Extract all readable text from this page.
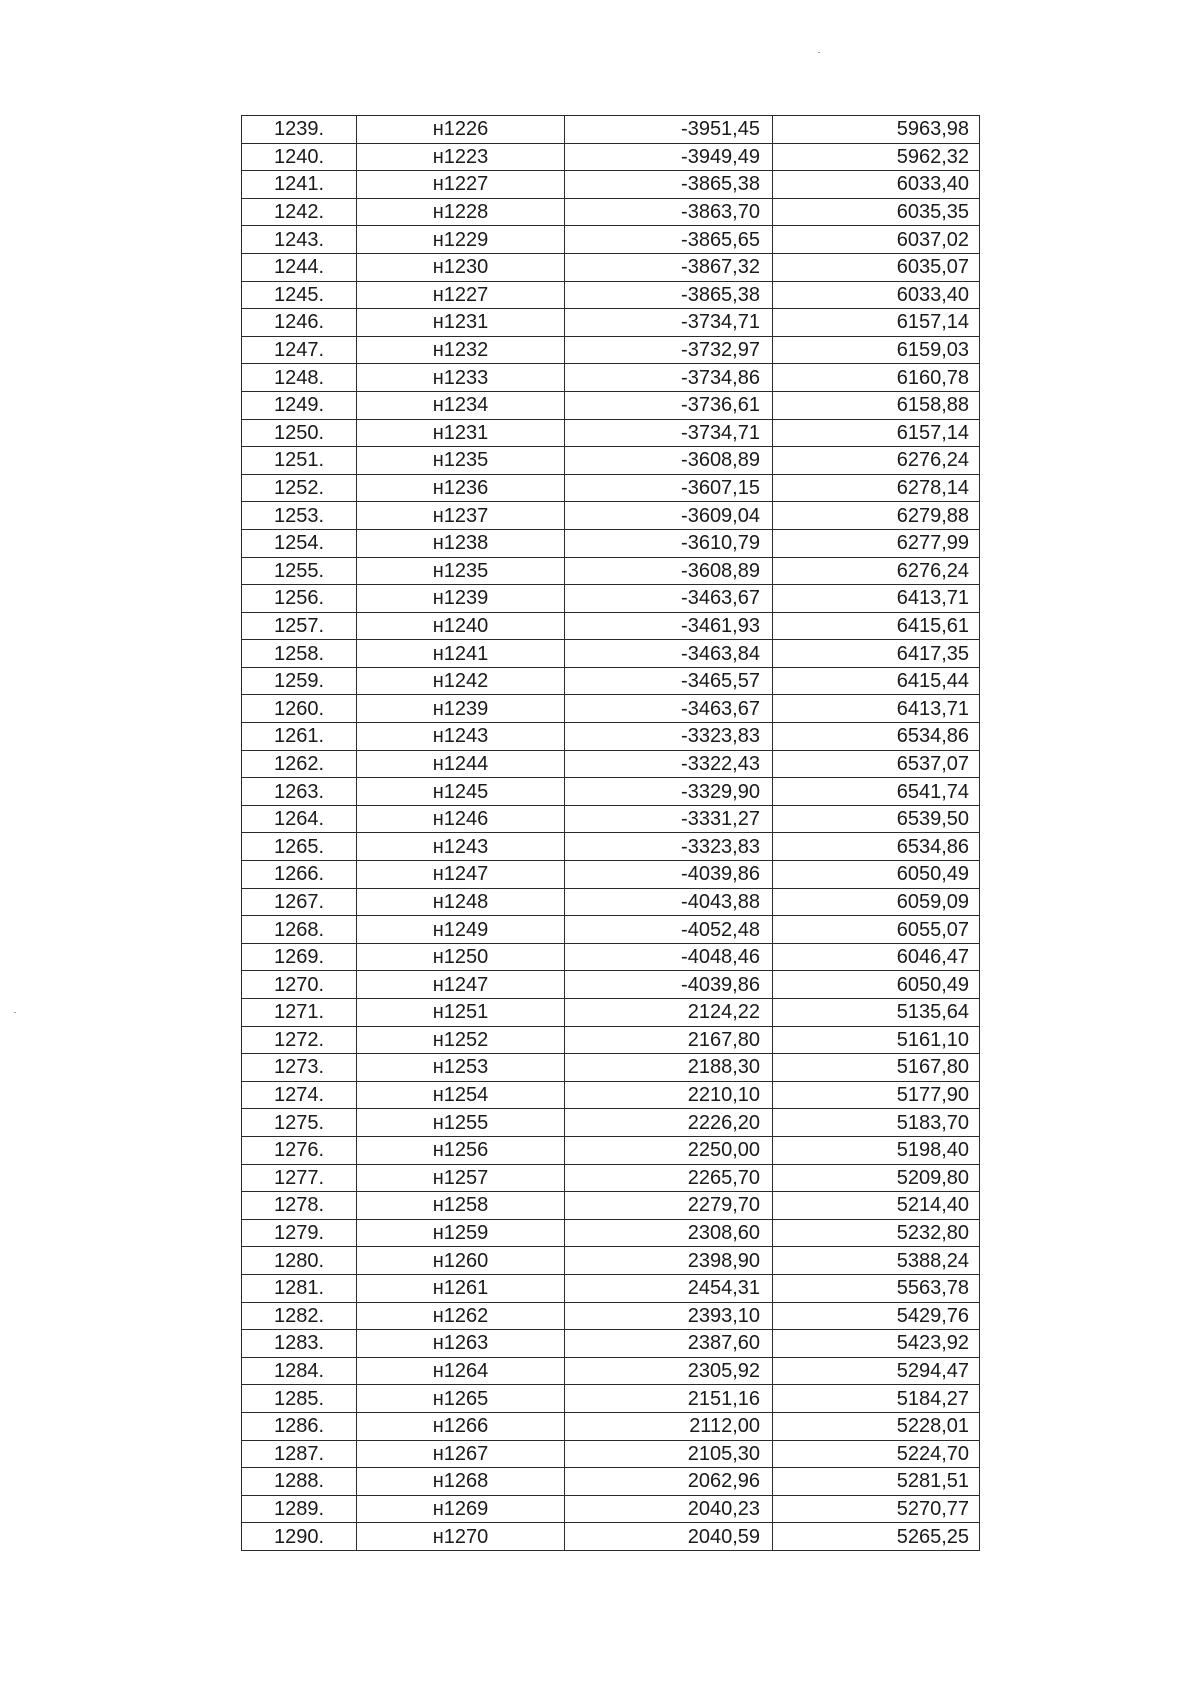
1239.	н1226	-3951,45	5963,98
1240.	н1223	-3949,49	5962,32
1241.	н1227	-3865,38	6033,40
1242.	н1228	-3863,70	6035,35
1243.	н1229	-3865,65	6037,02
1244.	н1230	-3867,32	6035,07
1245.	н1227	-3865,38	6033,40
1246.	н1231	-3734,71	6157,14
1247.	н1232	-3732,97	6159,03
1248.	н1233	-3734,86	6160,78
1249.	н1234	-3736,61	6158,88
1250.	н1231	-3734,71	6157,14
1251.	н1235	-3608,89	6276,24
1252.	н1236	-3607,15	6278,14
1253.	н1237	-3609,04	6279,88
1254.	н1238	-3610,79	6277,99
1255.	н1235	-3608,89	6276,24
1256.	н1239	-3463,67	6413,71
1257.	н1240	-3461,93	6415,61
1258.	н1241	-3463,84	6417,35
1259.	н1242	-3465,57	6415,44
1260.	н1239	-3463,67	6413,71
1261.	н1243	-3323,83	6534,86
1262.	н1244	-3322,43	6537,07
1263.	н1245	-3329,90	6541,74
1264.	н1246	-3331,27	6539,50
1265.	н1243	-3323,83	6534,86
1266.	н1247	-4039,86	6050,49
1267.	н1248	-4043,88	6059,09
1268.	н1249	-4052,48	6055,07
1269.	н1250	-4048,46	6046,47
1270.	н1247	-4039,86	6050,49
1271.	н1251	2124,22	5135,64
1272.	н1252	2167,80	5161,10
1273.	н1253	2188,30	5167,80
1274.	н1254	2210,10	5177,90
1275.	н1255	2226,20	5183,70
1276.	н1256	2250,00	5198,40
1277.	н1257	2265,70	5209,80
1278.	н1258	2279,70	5214,40
1279.	н1259	2308,60	5232,80
1280.	н1260	2398,90	5388,24
1281.	н1261	2454,31	5563,78
1282.	н1262	2393,10	5429,76
1283.	н1263	2387,60	5423,92
1284.	н1264	2305,92	5294,47
1285.	н1265	2151,16	5184,27
1286.	н1266	2112,00	5228,01
1287.	н1267	2105,30	5224,70
1288.	н1268	2062,96	5281,51
1289.	н1269	2040,23	5270,77
1290.	н1270	2040,59	5265,25
